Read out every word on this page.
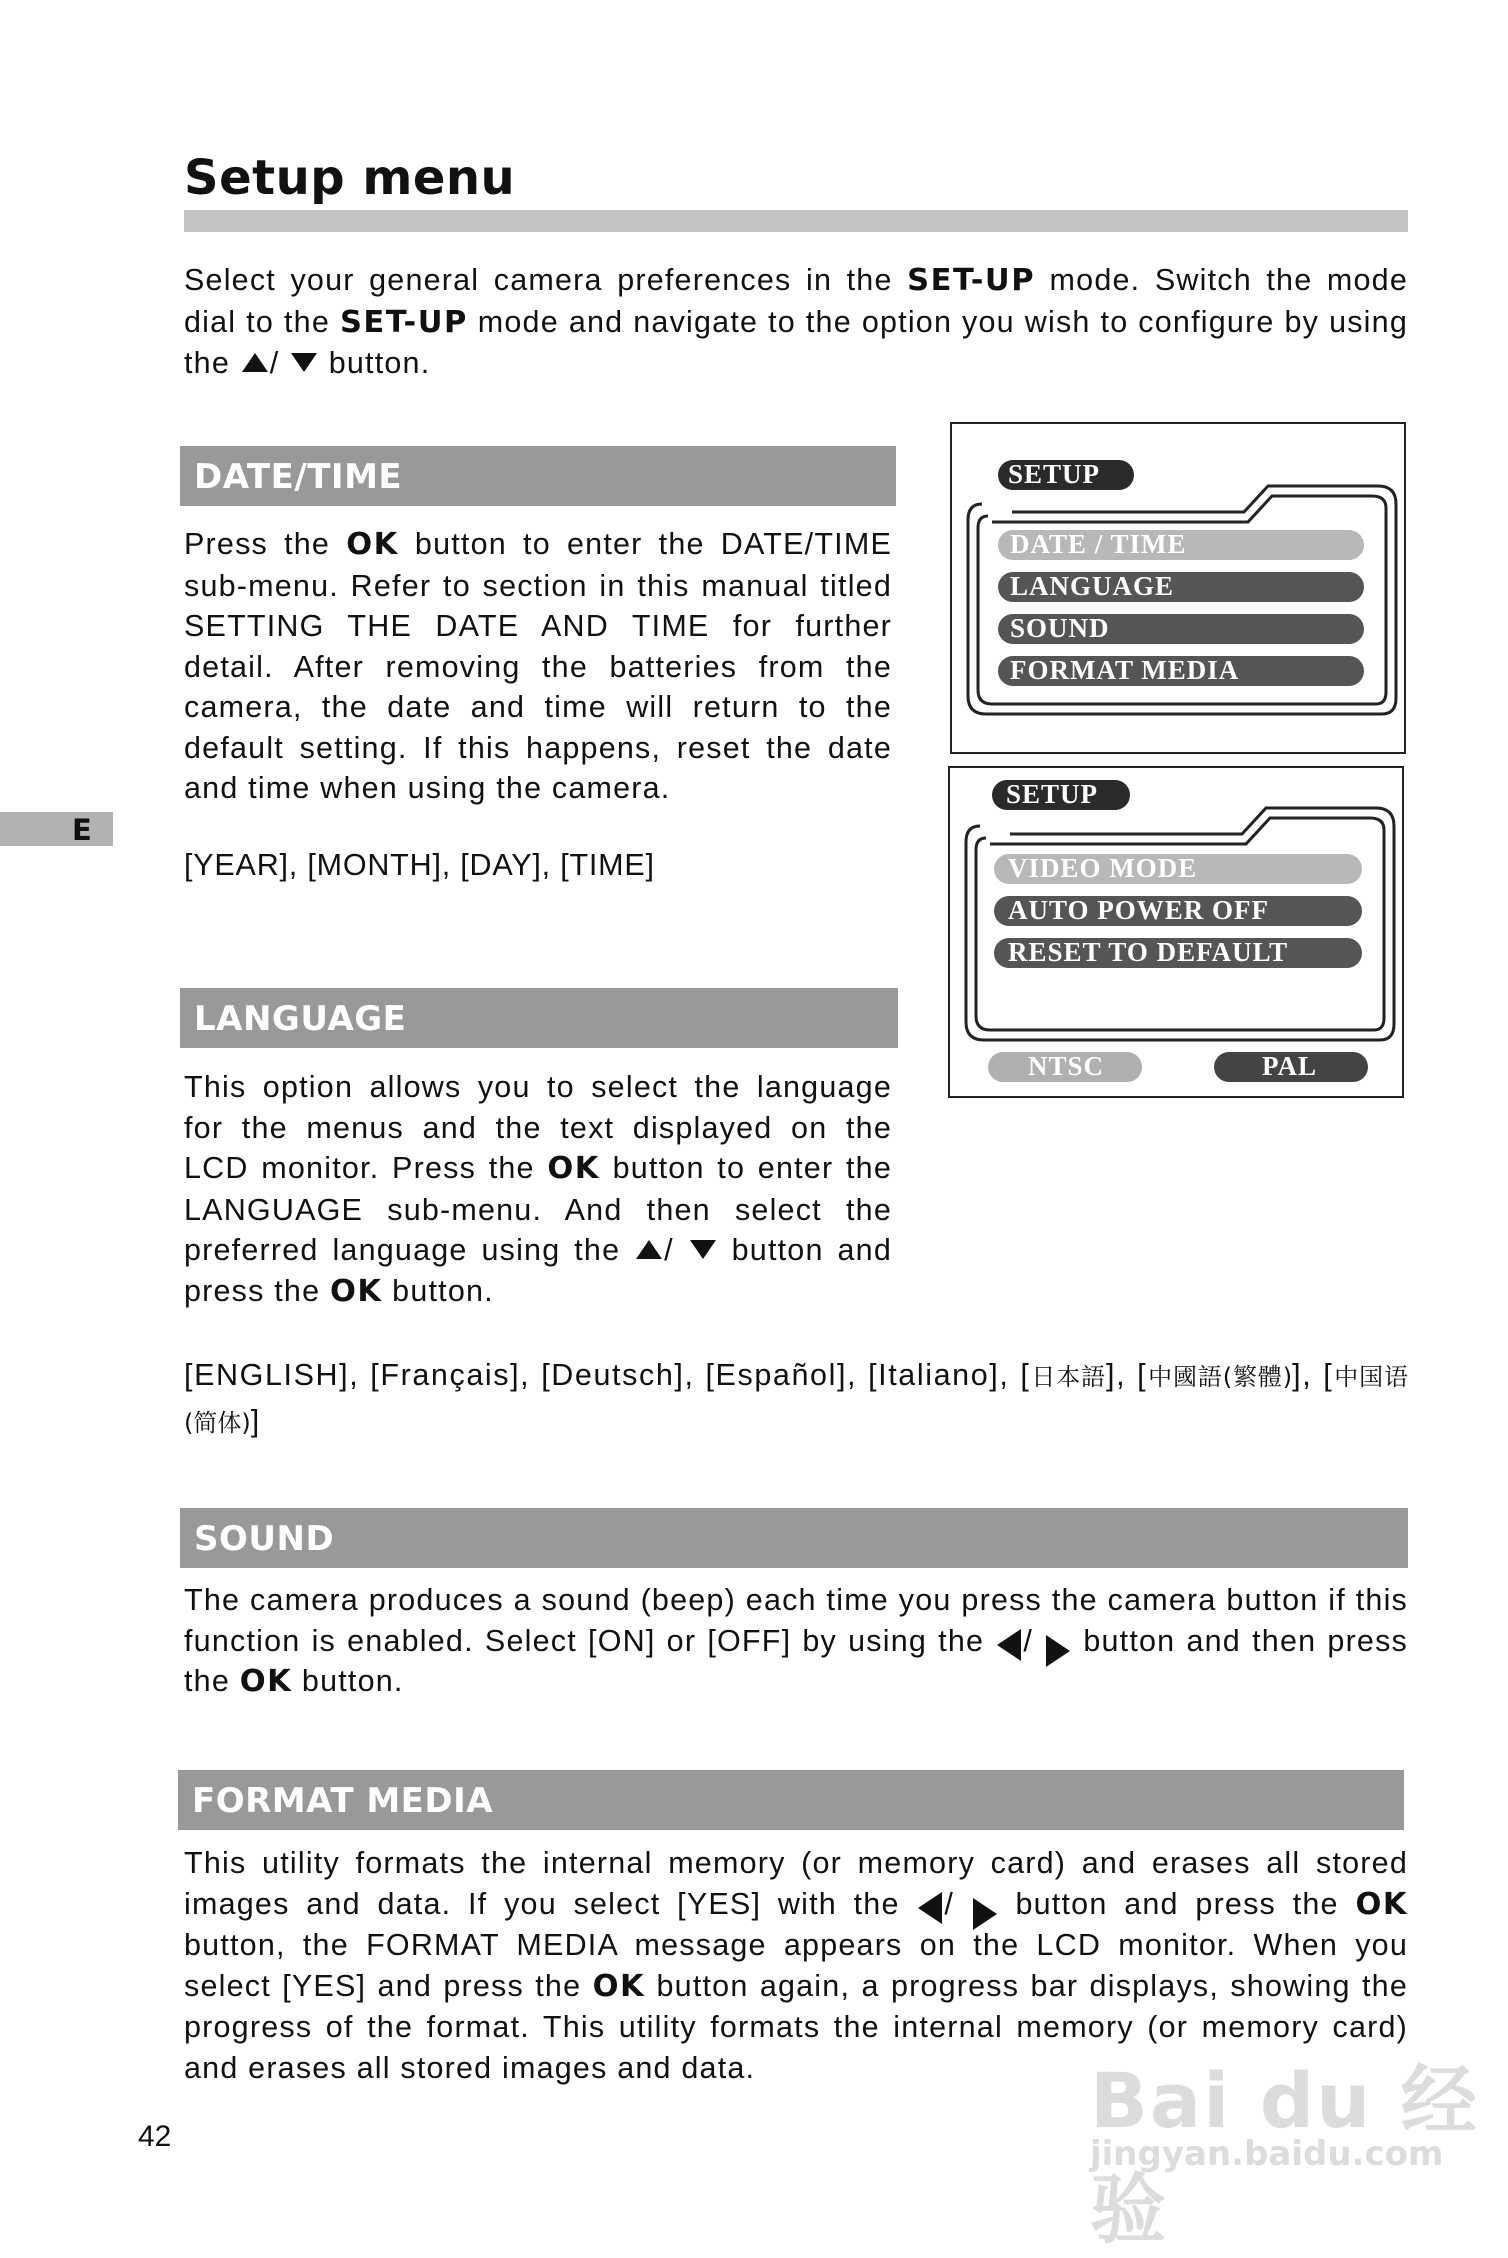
Setup menu
Select your general camera preferences in the SET-UP mode. Switch the mode dial to the SET-UP mode and navigate to the option you wish to configure by using the /  button.
E
DATE/TIME
Press the OK button to enter the DATE/TIME sub-menu. Refer to section in this manual titled SETTING THE DATE AND TIME for further detail. After removing the batteries from the camera, the date and time will return to the default setting. If this happens, reset the date and time when using the camera.
[YEAR], [MONTH], [DAY], [TIME]
LANGUAGE
This option allows you to select the language for the menus and the text displayed on the LCD monitor. Press the OK button to enter the LANGUAGE sub-menu. And then select the preferred language using the /  button and press the OK button.
[ENGLISH], [Français], [Deutsch], [Español], [Italiano], [日本語], [中國語(繁體)], [中国语(简体)]
SOUND
The camera produces a sound (beep) each time you press the camera button if this function is enabled. Select [ON] or [OFF] by using the /  button and then press the OK button.
FORMAT MEDIA
This utility formats the internal memory (or memory card) and erases all stored images and data. If you select [YES] with the /  button and press the OK button, the FORMAT MEDIA message appears on the LCD monitor. When you select [YES] and press the OK button again, a progress bar displays, showing the progress of the format. This utility formats the internal memory (or memory card) and erases all stored images and data.
SETUP
DATE / TIME
LANGUAGE
SOUND
FORMAT MEDIA
SETUP
VIDEO MODE
AUTO POWER OFF
RESET TO DEFAULT
NTSC	PAL
42	Bai du 经验
jingyan.baidu.com
